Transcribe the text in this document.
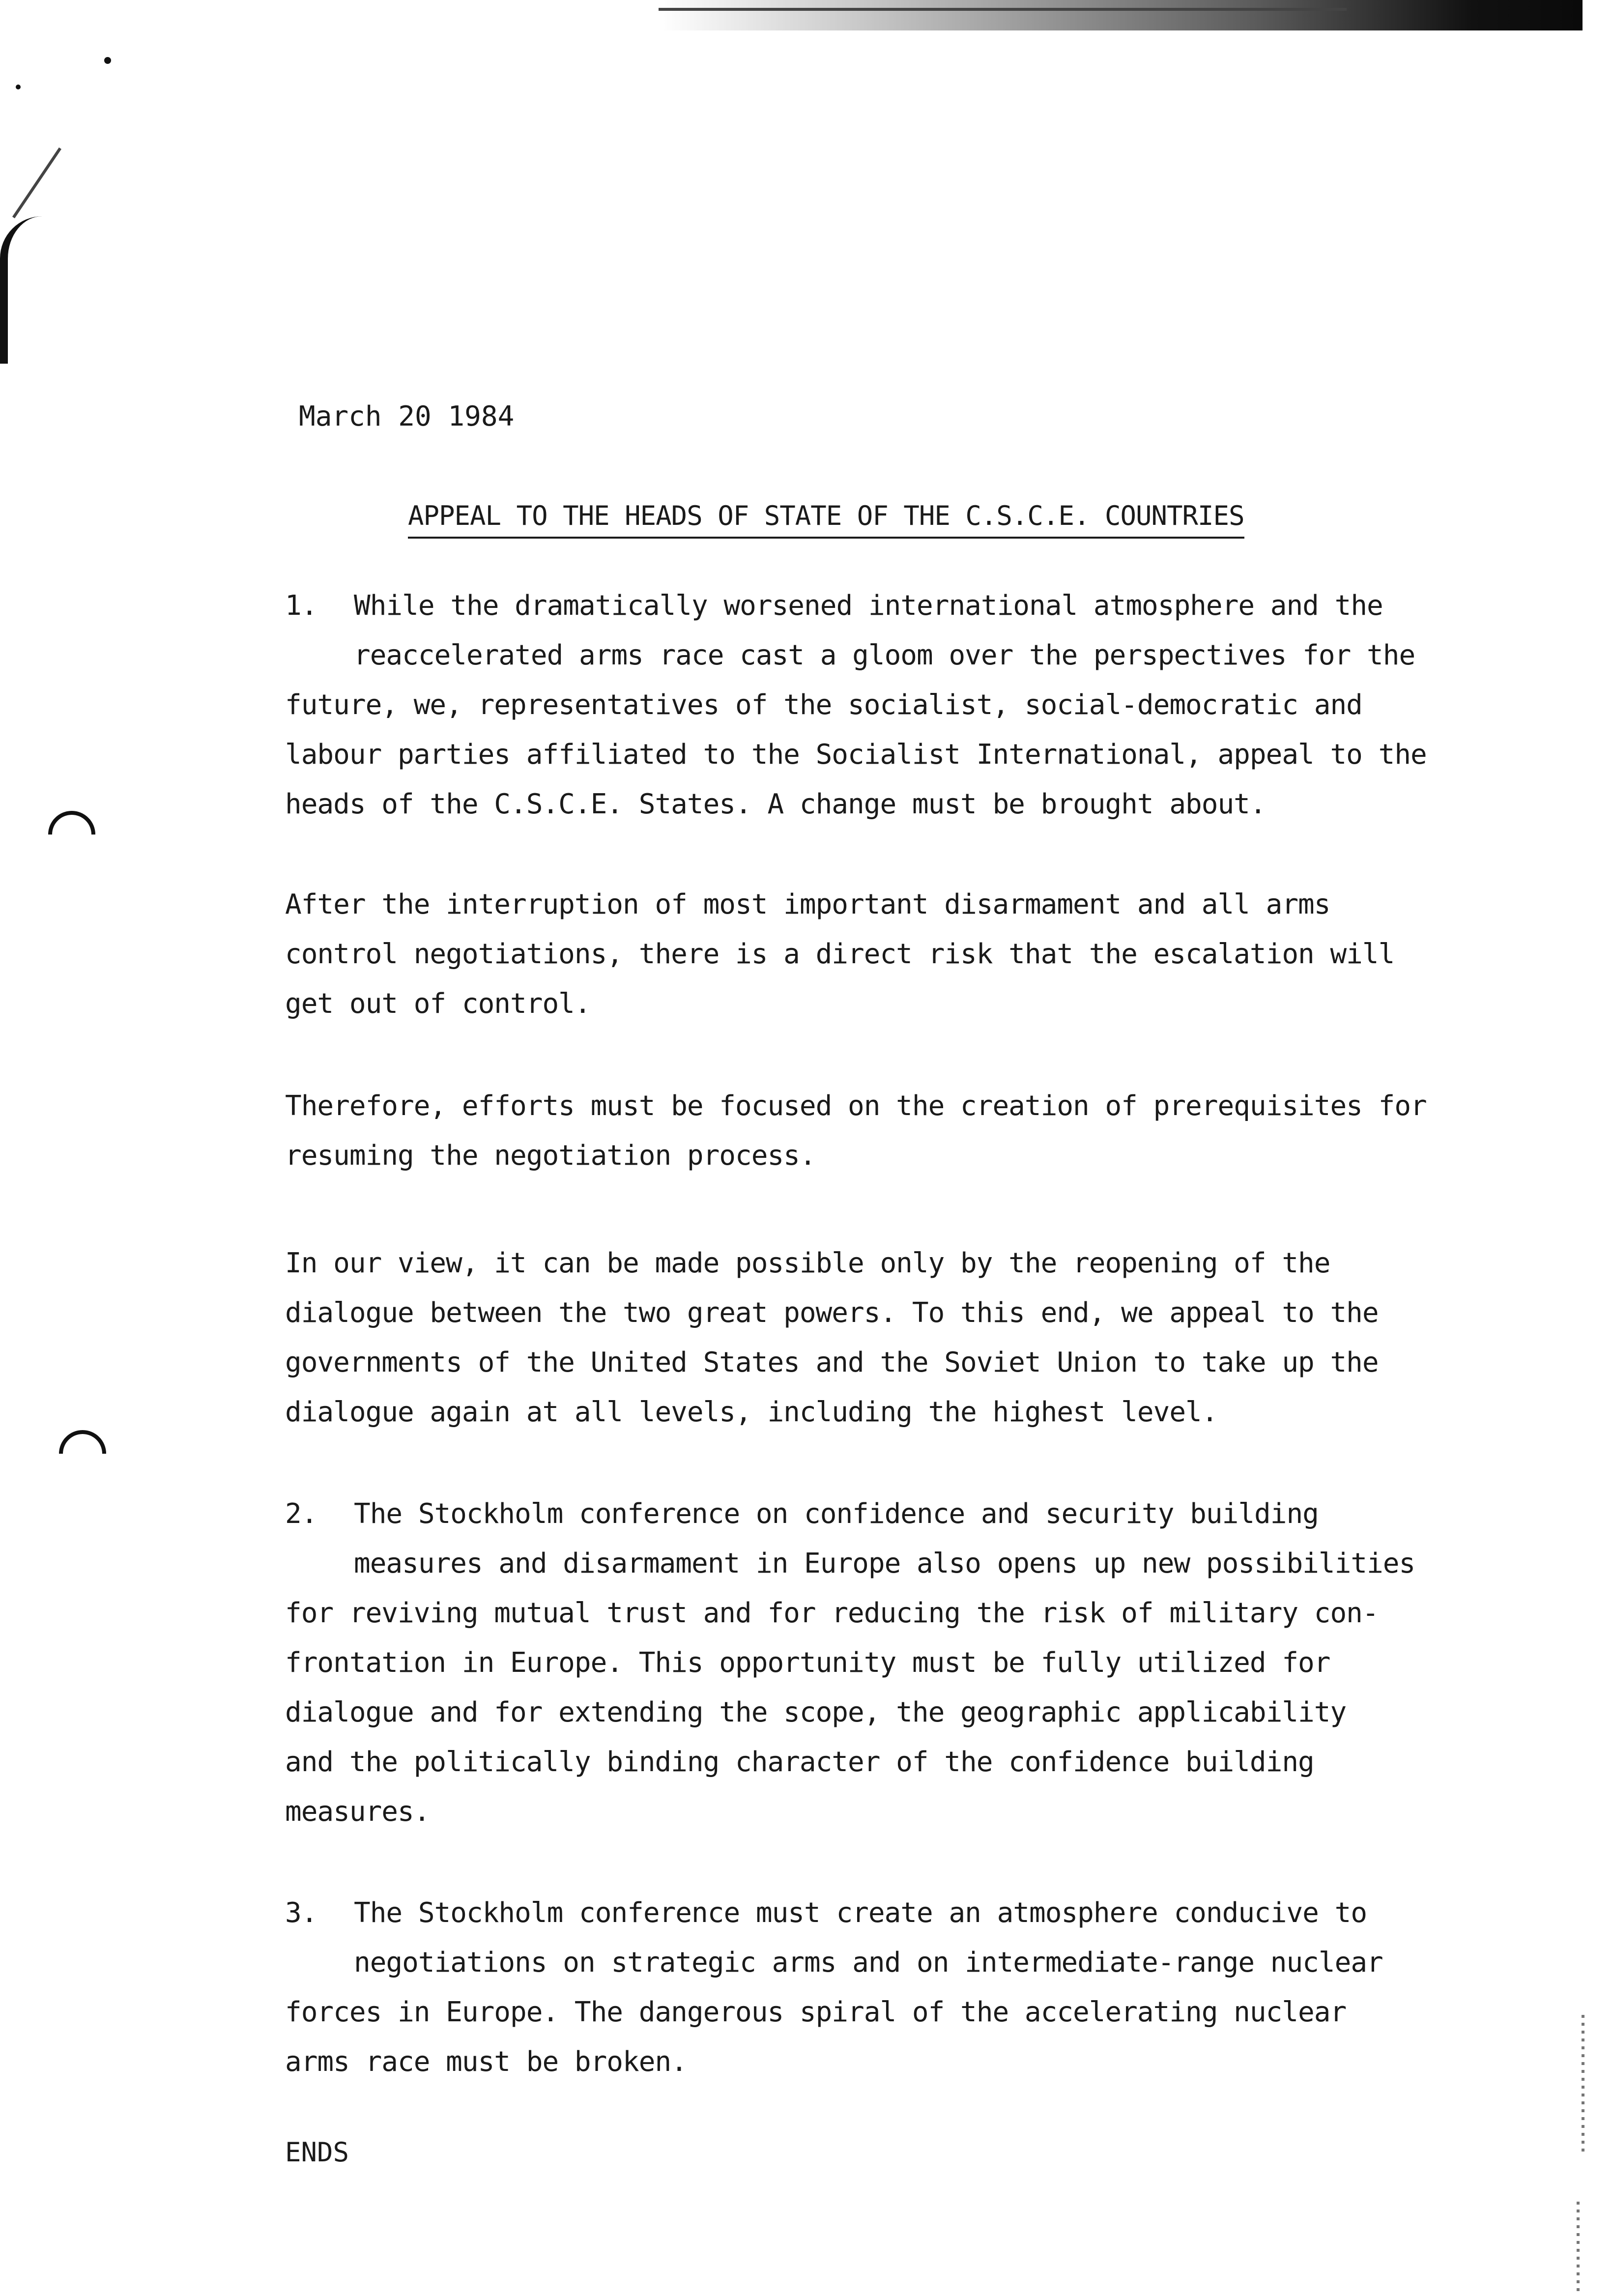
March 20 1984
APPEAL TO THE HEADS OF STATE OF THE C.S.C.E. COUNTRIES
1. While the dramatically worsened international atmosphere and the
reaccelerated arms race cast a gloom over the perspectives for the
future, we, representatives of the socialist, social-democratic and
labour parties affiliated to the Socialist International, appeal to the
heads of the C.S.C.E. States. A change must be brought about.
After the interruption of most important disarmament and all arms
control negotiations, there is a direct risk that the escalation will
get out of control.
Therefore, efforts must be focused on the creation of prerequisites for
resuming the negotiation process.
In our view, it can be made possible only by the reopening of the
dialogue between the two great powers. To this end, we appeal to the
governments of the United States and the Soviet Union to take up the
dialogue again at all levels, including the highest level.
2. The Stockholm conference on confidence and security building
measures and disarmament in Europe also opens up new possibilities
for reviving mutual trust and for reducing the risk of military con-
frontation in Europe. This opportunity must be fully utilized for
dialogue and for extending the scope, the geographic applicability
and the politically binding character of the confidence building
measures.
3. The Stockholm conference must create an atmosphere conducive to
negotiations on strategic arms and on intermediate-range nuclear
forces in Europe. The dangerous spiral of the accelerating nuclear
arms race must be broken.
ENDS
